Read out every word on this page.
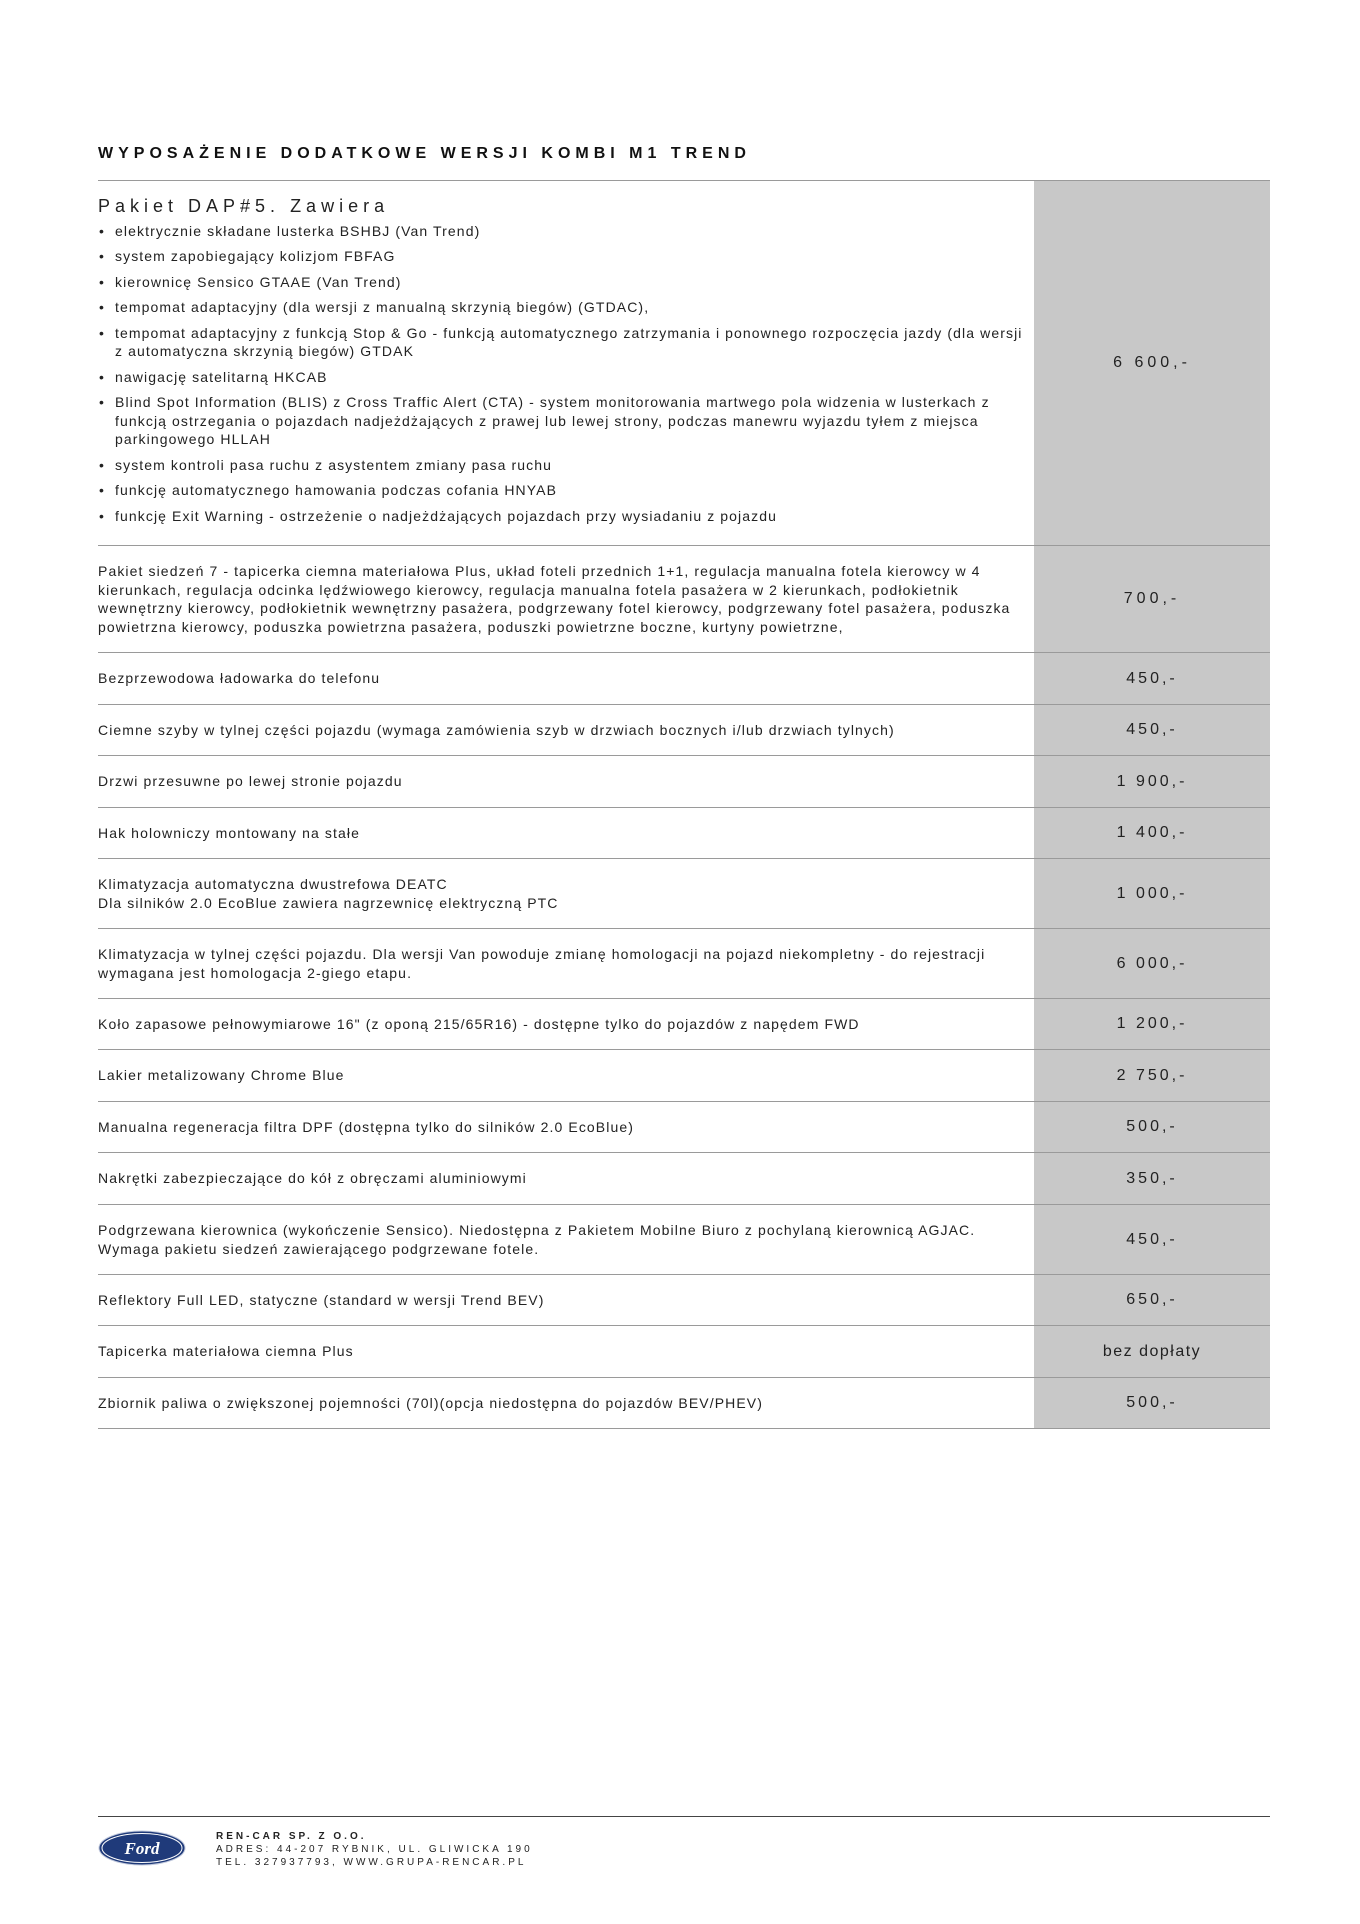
WYPOSAŻENIE DODATKOWE WERSJI KOMBI M1 TREND
Pakiet DAP#5. Zawiera
• elektrycznie składane lusterka BSHBJ (Van Trend)
• system zapobiegający kolizjom FBFAG
• kierownicę Sensico GTAAE (Van Trend)
• tempomat adaptacyjny (dla wersji z manualną skrzynią biegów) (GTDAC),
• tempomat adaptacyjny z funkcją Stop & Go - funkcją automatycznego zatrzymania i ponownego rozpoczęcia jazdy (dla wersji z automatyczna skrzynią biegów) GTDAK
• nawigację satelitarną HKCAB
• Blind Spot Information (BLIS) z Cross Traffic Alert (CTA) - system monitorowania martwego pola widzenia w lusterkach z funkcją ostrzegania o pojazdach nadjeżdżających z prawej lub lewej strony, podczas manewru wyjazdu tyłem z miejsca parkingowego HLLAH
• system kontroli pasa ruchu z asystentem zmiany pasa ruchu
• funkcję automatycznego hamowania podczas cofania HNYAB
• funkcję Exit Warning - ostrzeżenie o nadjeżdżających pojazdach przy wysiadaniu z pojazdu
6 600,-
Pakiet siedzeń 7 - tapicerka ciemna materiałowa Plus, układ foteli przednich 1+1, regulacja manualna fotela kierowcy w 4 kierunkach, regulacja odcinka lędźwiowego kierowcy, regulacja manualna fotela pasażera w 2 kierunkach, podłokietnik wewnętrzny kierowcy, podłokietnik wewnętrzny pasażera, podgrzewany fotel kierowcy, podgrzewany fotel pasażera, poduszka powietrzna kierowcy, poduszka powietrzna pasażera, poduszki powietrzne boczne, kurtyny powietrzne,
700,-
Bezprzewodowa ładowarka do telefonu	450,-
Ciemne szyby w tylnej części pojazdu (wymaga zamówienia szyb w drzwiach bocznych i/lub drzwiach tylnych)	450,-
Drzwi przesuwne po lewej stronie pojazdu	1 900,-
Hak holowniczy montowany na stałe	1 400,-
Klimatyzacja automatyczna dwustrefowa DEATC
Dla silników 2.0 EcoBlue zawiera nagrzewnicę elektryczną PTC
1 000,-
Klimatyzacja w tylnej części pojazdu. Dla wersji Van powoduje zmianę homologacji na pojazd niekompletny - do rejestracji wymagana jest homologacja 2-giego etapu.
6 000,-
Koło zapasowe pełnowymiarowe 16" (z oponą 215/65R16) - dostępne tylko do pojazdów z napędem FWD	1 200,-
Lakier metalizowany Chrome Blue	2 750,-
Manualna regeneracja filtra DPF (dostępna tylko do silników 2.0 EcoBlue)	500,-
Nakrętki zabezpieczające do kół z obręczami aluminiowymi	350,-
Podgrzewana kierownica (wykończenie Sensico). Niedostępna z Pakietem Mobilne Biuro z pochylaną kierownicą AGJAC.
Wymaga pakietu siedzeń zawierającego podgrzewane fotele.
450,-
Reflektory Full LED, statyczne (standard w wersji Trend BEV)	650,-
Tapicerka materiałowa ciemna Plus	bez dopłaty
Zbiornik paliwa o zwiększonej pojemności (70l)(opcja niedostępna do pojazdów BEV/PHEV)	500,-
Ford
REN-CAR SP. Z O.O.
ADRES: 44-207 RYBNIK, UL. GLIWICKA 190
TEL. 327937793, WWW.GRUPA-RENCAR.PL
